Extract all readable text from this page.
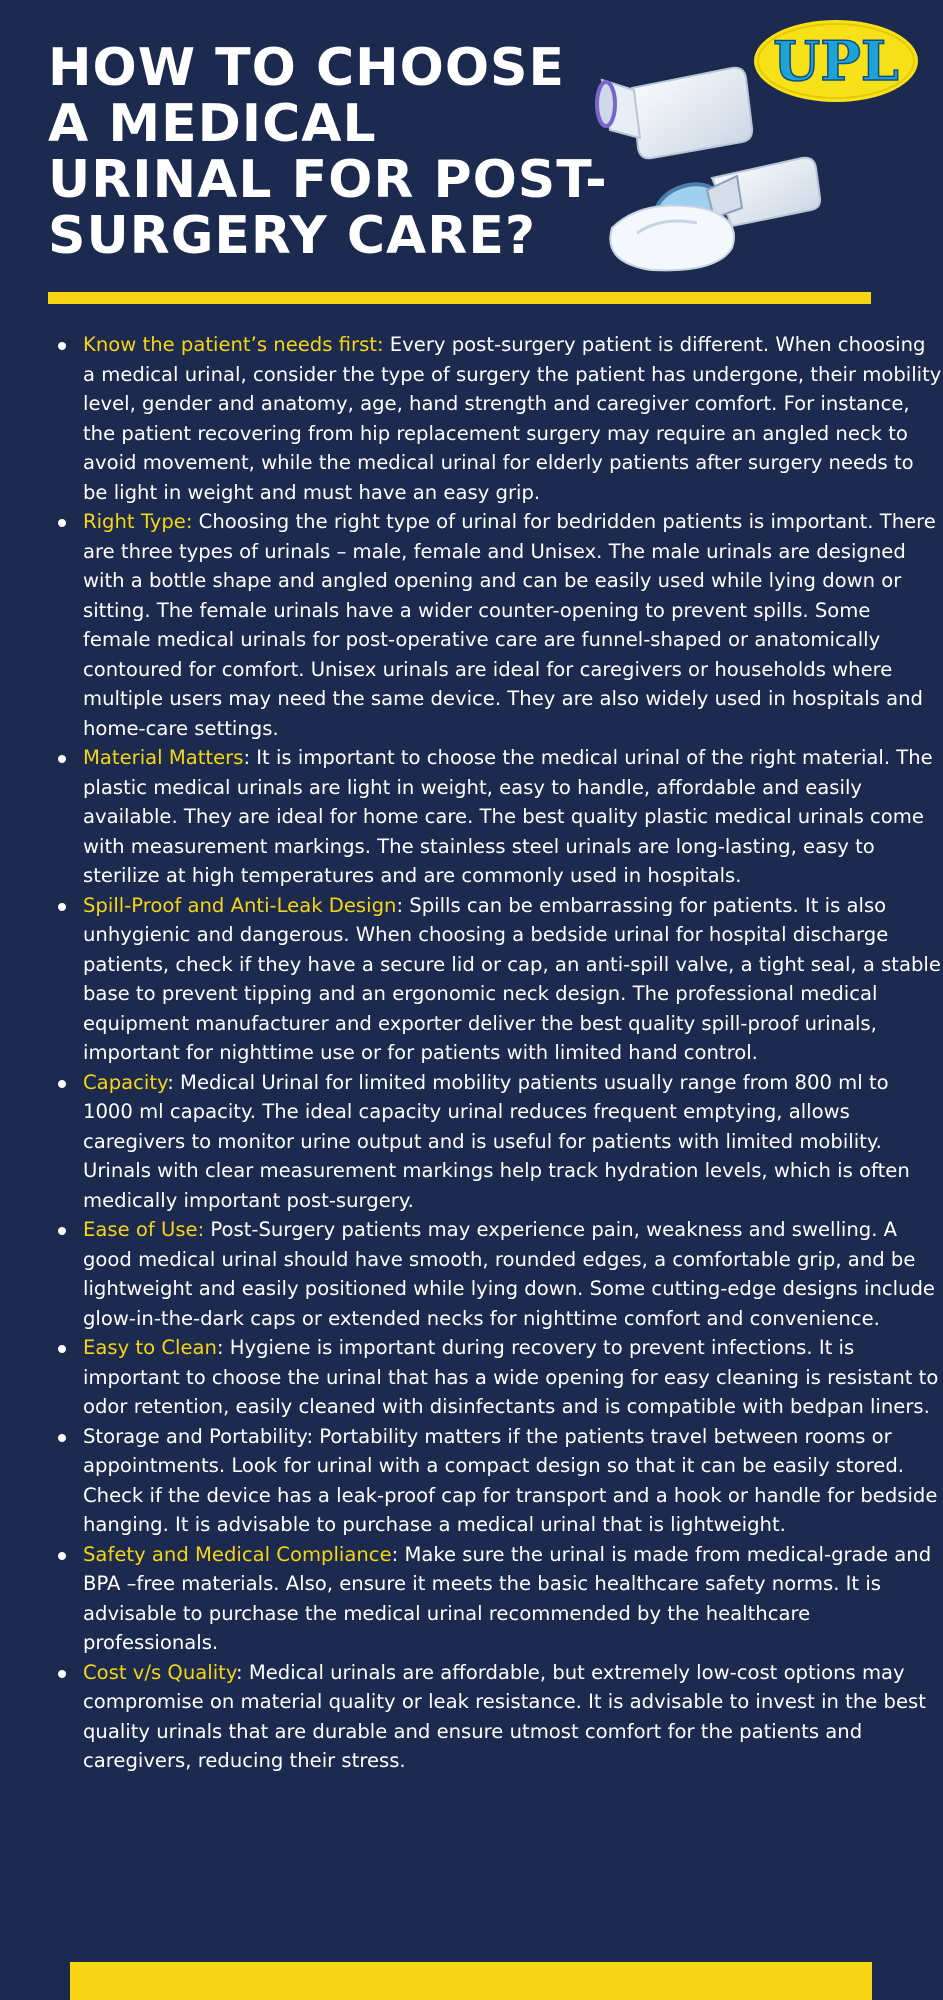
HOW TO CHOOSE
A MEDICAL
URINAL FOR POST-
SURGERY CARE?
UPL
Know the patient’s needs first: Every post-surgery patient is different. When choosing a medical urinal, consider the type of surgery the patient has undergone, their mobility level, gender and anatomy, age, hand strength and caregiver comfort. For instance, the patient recovering from hip replacement surgery may require an angled neck to avoid movement, while the medical urinal for elderly patients after surgery needs to be light in weight and must have an easy grip.
Right Type: Choosing the right type of urinal for bedridden patients is important. There are three types of urinals – male, female and Unisex. The male urinals are designed with a bottle shape and angled opening and can be easily used while lying down or sitting. The female urinals have a wider counter-opening to prevent spills. Some female medical urinals for post-operative care are funnel-shaped or anatomically contoured for comfort. Unisex urinals are ideal for caregivers or households where multiple users may need the same device. They are also widely used in hospitals and home-care settings.
Material Matters: It is important to choose the medical urinal of the right material. The plastic medical urinals are light in weight, easy to handle, affordable and easily available. They are ideal for home care. The best quality plastic medical urinals come with measurement markings. The stainless steel urinals are long-lasting, easy to sterilize at high temperatures and are commonly used in hospitals.
Spill-Proof and Anti-Leak Design: Spills can be embarrassing for patients. It is also unhygienic and dangerous. When choosing a bedside urinal for hospital discharge patients, check if they have a secure lid or cap, an anti-spill valve, a tight seal, a stable base to prevent tipping and an ergonomic neck design. The professional medical equipment manufacturer and exporter deliver the best quality spill-proof urinals, important for nighttime use or for patients with limited hand control.
Capacity: Medical Urinal for limited mobility patients usually range from 800 ml to 1000 ml capacity. The ideal capacity urinal reduces frequent emptying, allows caregivers to monitor urine output and is useful for patients with limited mobility. Urinals with clear measurement markings help track hydration levels, which is often medically important post-surgery.
Ease of Use: Post-Surgery patients may experience pain, weakness and swelling. A good medical urinal should have smooth, rounded edges, a comfortable grip, and be lightweight and easily positioned while lying down. Some cutting-edge designs include glow-in-the-dark caps or extended necks for nighttime comfort and convenience.
Easy to Clean: Hygiene is important during recovery to prevent infections. It is important to choose the urinal that has a wide opening for easy cleaning is resistant to odor retention, easily cleaned with disinfectants and is compatible with bedpan liners.
Storage and Portability: Portability matters if the patients travel between rooms or appointments. Look for urinal with a compact design so that it can be easily stored. Check if the device has a leak-proof cap for transport and a hook or handle for bedside hanging. It is advisable to purchase a medical urinal that is lightweight.
Safety and Medical Compliance: Make sure the urinal is made from medical-grade and BPA –free materials. Also, ensure it meets the basic healthcare safety norms. It is advisable to purchase the medical urinal recommended by the healthcare professionals.
Cost v/s Quality: Medical urinals are affordable, but extremely low-cost options may compromise on material quality or leak resistance. It is advisable to invest in the best quality urinals that are durable and ensure utmost comfort for the patients and caregivers, reducing their stress.
